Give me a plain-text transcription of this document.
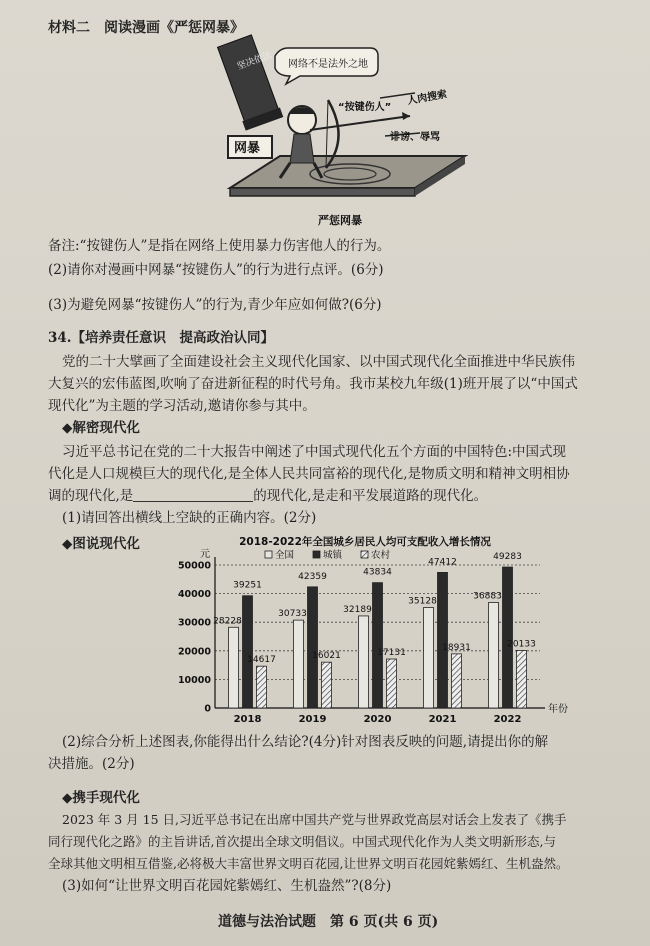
材料二　阅读漫画《严惩网暴》
坚决依法 网络不是法外之地
网暴
“按键伤人”
人肉搜索
诽谤、辱骂
严惩网暴
备注:“按键伤人”是指在网络上使用暴力伤害他人的行为。
(2)请你对漫画中网暴“按键伤人”的行为进行点评。(6分)
(3)为避免网暴“按键伤人”的行为,青少年应如何做?(6分)
34.【培养责任意识　提高政治认同】
党的二十大擘画了全面建设社会主义现代化国家、以中国式现代化全面推进中华民族伟
大复兴的宏伟蓝图,吹响了奋进新征程的时代号角。我市某校九年级(1)班开展了以“中国式
现代化”为主题的学习活动,邀请你参与其中。
◆解密现代化
习近平总书记在党的二十大报告中阐述了中国式现代化五个方面的中国特色:中国式现
代化是人口规模巨大的现代化,是全体人民共同富裕的现代化,是物质文明和精神文明相协
调的现代化,是	的现代化,是走和平发展道路的现代化。
(1)请回答出横线上空缺的正确内容。(2分)
◆图说现代化	2018-2022年全国城乡居民人均可支配收入增长情况
全国	城镇	农村
元
0
10000
20000
30000
40000
50000
年份
2018
28228
39251
14617
2019
30733
42359
16021
2020
32189
43834
17131
2021
35128
47412
18931
2022
36883
49283
20133
(2)综合分析上述图表,你能得出什么结论?(4分)针对图表反映的问题,请提出你的解
决措施。(2分)
◆携手现代化
2023 年 3 月 15 日,习近平总书记在出席中国共产党与世界政党高层对话会上发表了《携手
同行现代化之路》的主旨讲话,首次提出全球文明倡议。中国式现代化作为人类文明新形态,与
全球其他文明相互借鉴,必将极大丰富世界文明百花园,让世界文明百花园姹紫嫣红、生机盎然。
(3)如何“让世界文明百花园姹紫嫣红、生机盎然”?(8分)
道德与法治试题　第 6 页(共 6 页)
